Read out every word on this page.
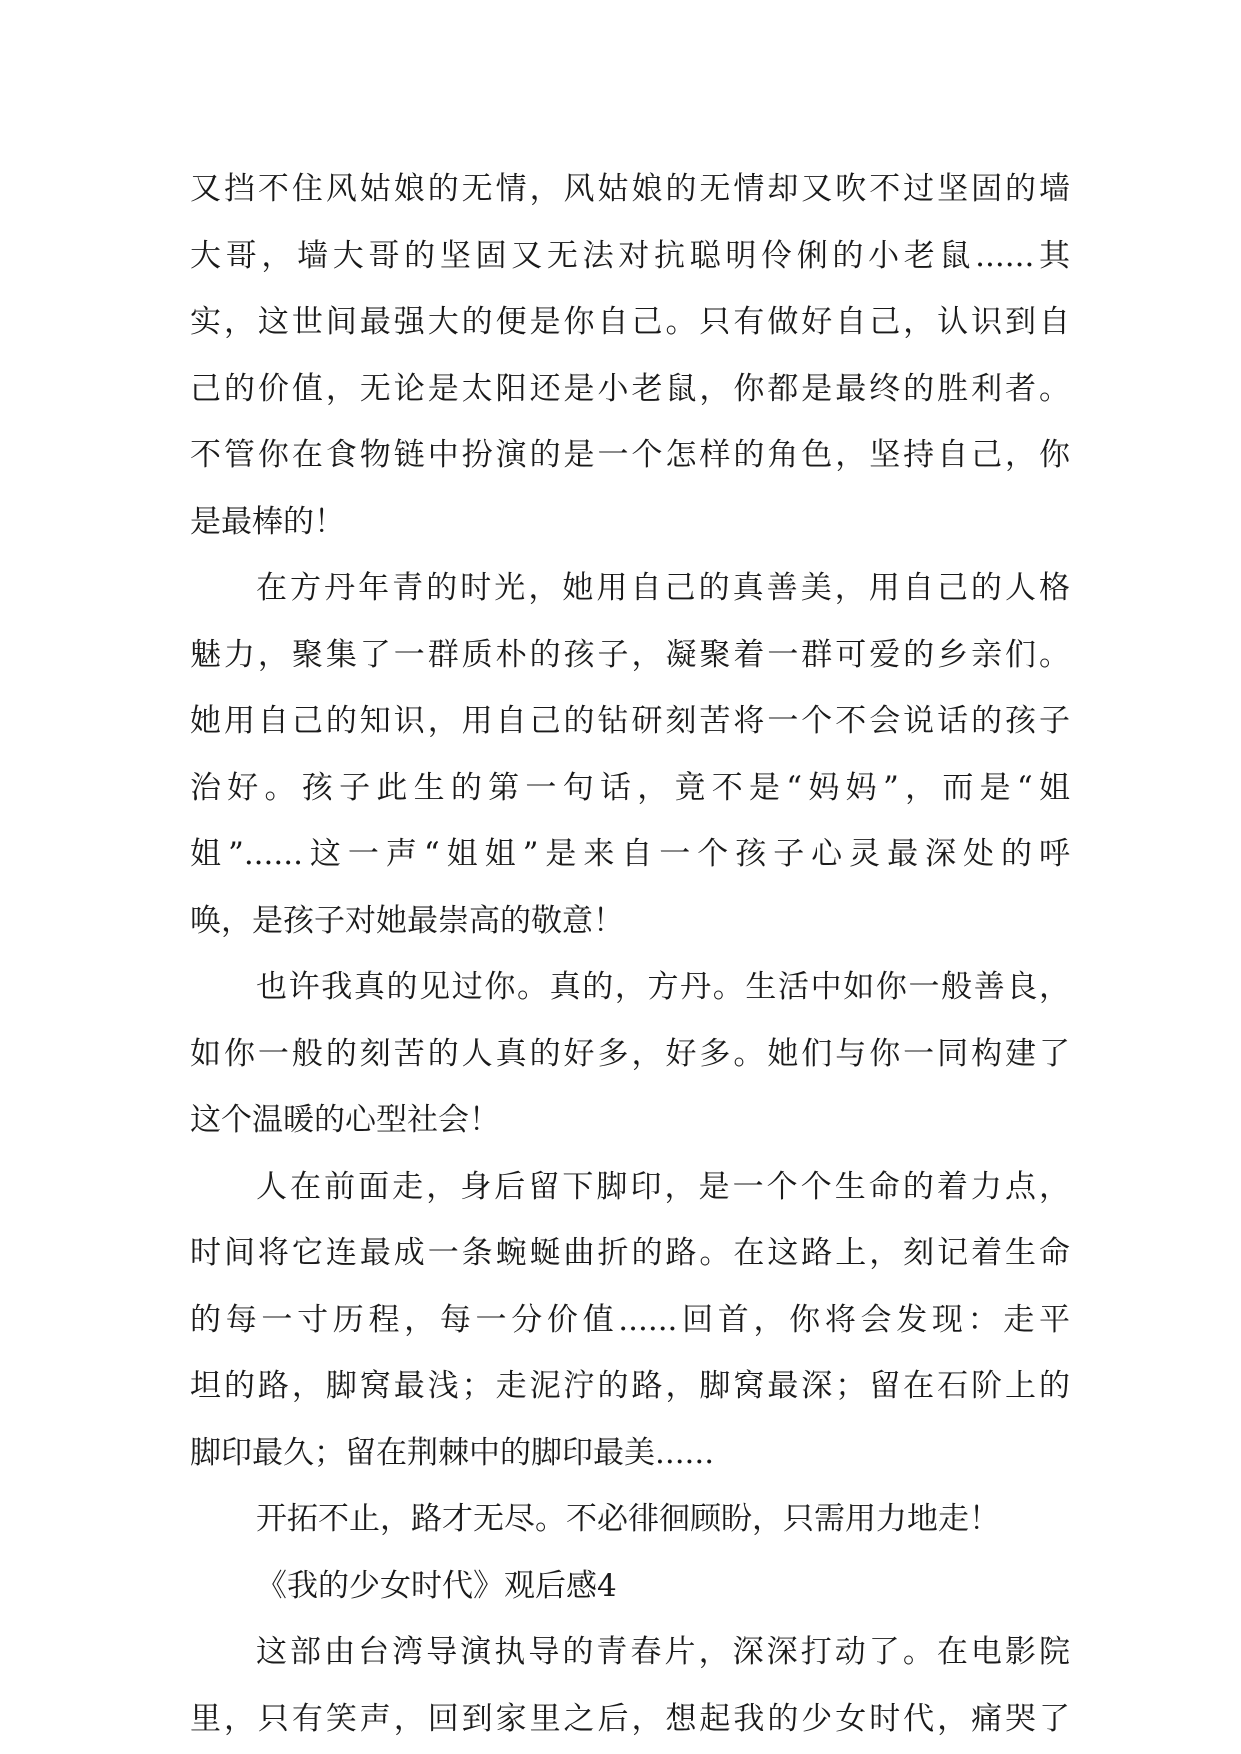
又挡不住风姑娘的无情，风姑娘的无情却又吹不过坚固的墙
大哥，墙大哥的坚固又无法对抗聪明伶俐的小老鼠......其
实，这世间最强大的便是你自己。只有做好自己，认识到自
己的价值，无论是太阳还是小老鼠，你都是最终的胜利者。
不管你在食物链中扮演的是一个怎样的角色，坚持自己，你
是最棒的！
在方丹年青的时光，她用自己的真善美，用自己的人格
魅力，聚集了一群质朴的孩子，凝聚着一群可爱的乡亲们。
她用自己的知识，用自己的钻研刻苦将一个不会说话的孩子
治好。孩子此生的第一句话，竟不是“妈妈”，而是“姐
姐”......这一声“姐姐”是来自一个孩子心灵最深处的呼
唤，是孩子对她最崇高的敬意！
也许我真的见过你。真的，方丹。生活中如你一般善良，
如你一般的刻苦的人真的好多，好多。她们与你一同构建了
这个温暖的心型社会！
人在前面走，身后留下脚印，是一个个生命的着力点，
时间将它连最成一条蜿蜒曲折的路。在这路上，刻记着生命
的每一寸历程，每一分价值......回首，你将会发现：走平
坦的路，脚窝最浅；走泥泞的路，脚窝最深；留在石阶上的
脚印最久；留在荆棘中的脚印最美......
开拓不止，路才无尽。不必徘徊顾盼，只需用力地走！
《我的少女时代》观后感4
这部由台湾导演执导的青春片，深深打动了。在电影院
里，只有笑声，回到家里之后，想起我的少女时代，痛哭了
